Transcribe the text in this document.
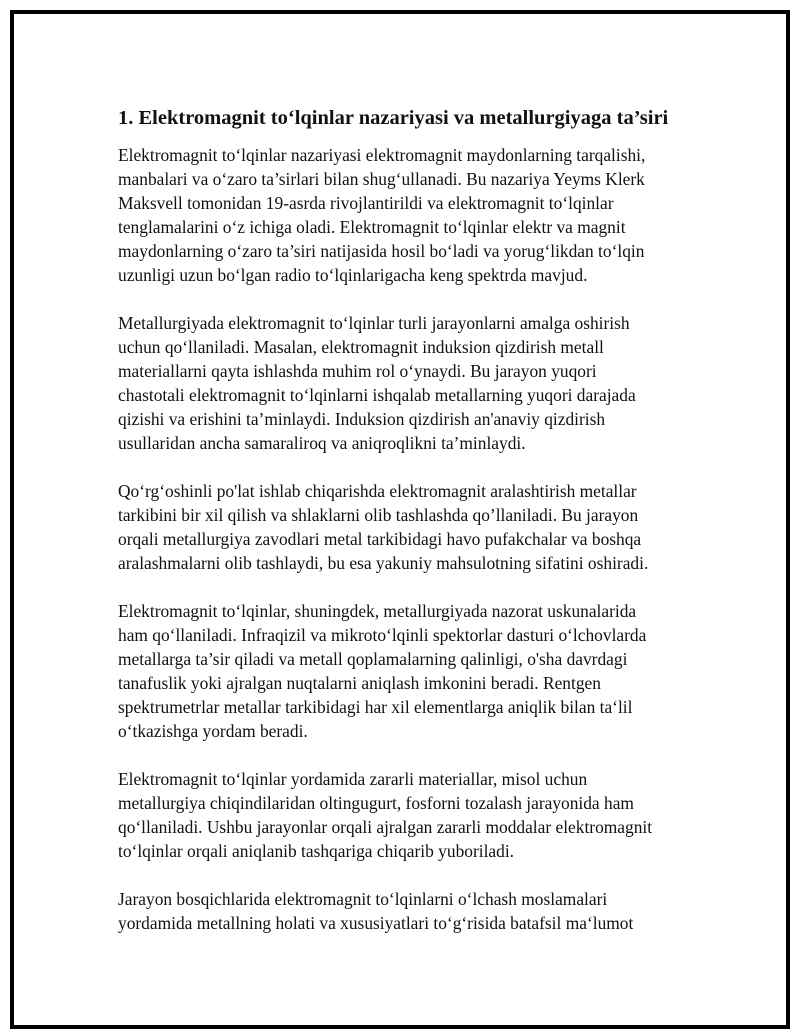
1. Elektromagnit to‘lqinlar nazariyasi va metallurgiyaga ta’siri

Elektromagnit to‘lqinlar nazariyasi elektromagnit maydonlarning tarqalishi,
manbalari va o‘zaro ta’sirlari bilan shug‘ullanadi. Bu nazariya Yeyms Klerk
Maksvell tomonidan 19-asrda rivojlantirildi va elektromagnit to‘lqinlar
tenglamalarini o‘z ichiga oladi. Elektromagnit to‘lqinlar elektr va magnit
maydonlarning o‘zaro ta’siri natijasida hosil bo‘ladi va yorug‘likdan to‘lqin
uzunligi uzun bo‘lgan radio to‘lqinlarigacha keng spektrda mavjud.

Metallurgiyada elektromagnit to‘lqinlar turli jarayonlarni amalga oshirish
uchun qo‘llaniladi. Masalan, elektromagnit induksion qizdirish metall
materiallarni qayta ishlashda muhim rol o‘ynaydi. Bu jarayon yuqori
chastotali elektromagnit to‘lqinlarni ishqalab metallarning yuqori darajada
qizishi va erishini ta’minlaydi. Induksion qizdirish an'anaviy qizdirish
usullaridan ancha samaraliroq va aniqroqlikni ta’minlaydi.

Qo‘rg‘oshinli po'lat ishlab chiqarishda elektromagnit aralashtirish metallar
tarkibini bir xil qilish va shlaklarni olib tashlashda qo’llaniladi. Bu jarayon
orqali metallurgiya zavodlari metal tarkibidagi havo pufakchalar va boshqa
aralashmalarni olib tashlaydi, bu esa yakuniy mahsulotning sifatini oshiradi.

Elektromagnit to‘lqinlar, shuningdek, metallurgiyada nazorat uskunalarida
ham qo‘llaniladi. Infraqizil va mikroto‘lqinli spektorlar dasturi o‘lchovlarda
metallarga ta’sir qiladi va metall qoplamalarning qalinligi, o'sha davrdagi
tanafuslik yoki ajralgan nuqtalarni aniqlash imkonini beradi. Rentgen
spektrumetrlar metallar tarkibidagi har xil elementlarga aniqlik bilan ta‘lil
o‘tkazishga yordam beradi.

Elektromagnit to‘lqinlar yordamida zararli materiallar, misol uchun
metallurgiya chiqindilaridan oltingugurt, fosforni tozalash jarayonida ham
qo‘llaniladi. Ushbu jarayonlar orqali ajralgan zararli moddalar elektromagnit
to‘lqinlar orqali aniqlanib tashqariga chiqarib yuboriladi.

Jarayon bosqichlarida elektromagnit to‘lqinlarni o‘lchash moslamalari
yordamida metallning holati va xususiyatlari to‘g‘risida batafsil ma‘lumot
